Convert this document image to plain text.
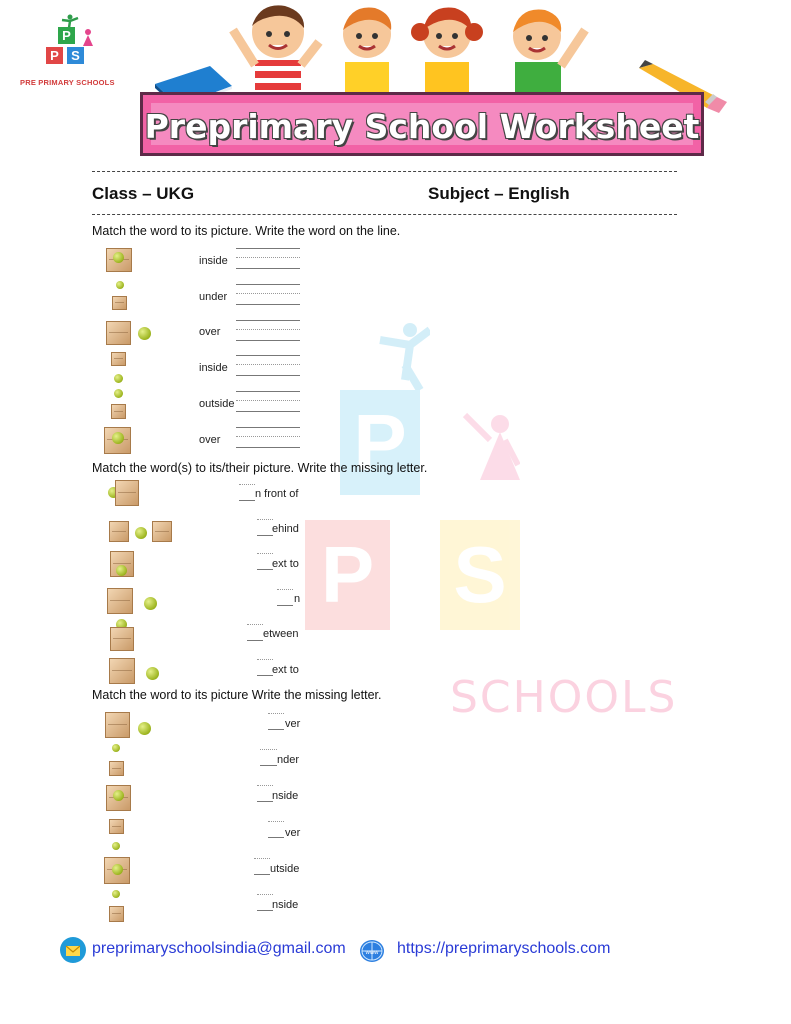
P
P S
SCHOOLS
P
P S
PRE PRIMARY SCHOOLS
Preprimary School Worksheet
Class – UKG	Subject – English
Match the word to its picture. Write the word on the line.
inside
under
over
inside
outside
over
Match the word(s) to its/their picture. Write the missing letter.
n front of
ehind
ext to
n
etween
ext to
Match the word to its picture Write the missing letter.
ver
nder
nside
ver
utside
nside
preprimaryschoolsindia@gmail.com	www https://preprimaryschools.com
